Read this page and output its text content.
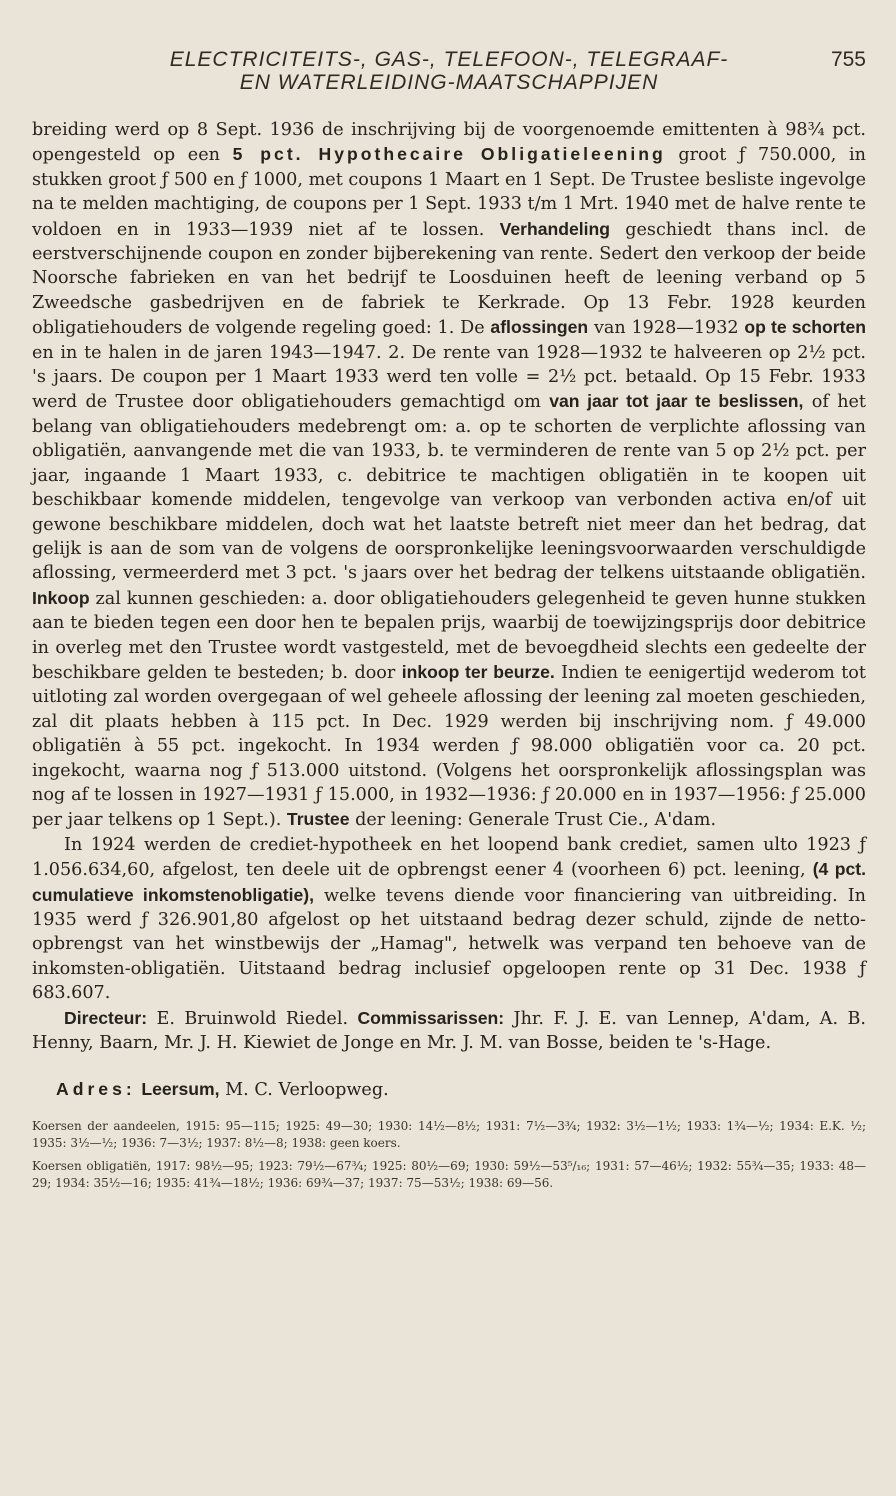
ELECTRICITEITS-, GAS-, TELEFOON-, TELEGRAAF-
EN WATERLEIDING-MAATSCHAPPIJEN
755

breiding werd op 8 Sept. 1936 de inschrijving bij de voorgenoemde emittenten à 98¾ pct. opengesteld op een 5 pct. Hypothecaire Obligatieleening groot ƒ 750.000, in stukken groot ƒ 500 en ƒ 1000, met coupons 1 Maart en 1 Sept. De Trustee besliste ingevolge na te melden machtiging, de coupons per 1 Sept. 1933 t/m 1 Mrt. 1940 met de halve rente te voldoen en in 1933—1939 niet af te lossen. Verhandeling geschiedt thans incl. de eerstverschijnende coupon en zonder bijberekening van rente. Sedert den verkoop der beide Noorsche fabrieken en van het bedrijf te Loosduinen heeft de leening verband op 5 Zweedsche gasbedrijven en de fabriek te Kerkrade. Op 13 Febr. 1928 keurden obligatiehouders de volgende regeling goed: 1. De aflossingen van 1928—1932 op te schorten en in te halen in de jaren 1943—1947. 2. De rente van 1928—1932 te halveeren op 2½ pct. 's jaars. De coupon per 1 Maart 1933 werd ten volle = 2½ pct. betaald. Op 15 Febr. 1933 werd de Trustee door obligatiehouders gemachtigd om van jaar tot jaar te beslissen, of het belang van obligatiehouders medebrengt om: a. op te schorten de verplichte aflossing van obligatiën, aanvangende met die van 1933, b. te verminderen de rente van 5 op 2½ pct. per jaar, ingaande 1 Maart 1933, c. debitrice te machtigen obligatiën in te koopen uit beschikbaar komende middelen, tengevolge van verkoop van verbonden activa en/of uit gewone beschikbare middelen, doch wat het laatste betreft niet meer dan het bedrag, dat gelijk is aan de som van de volgens de oorspronkelijke leeningsvoorwaarden verschuldigde aflossing, vermeerderd met 3 pct. 's jaars over het bedrag der telkens uitstaande obligatiën. Inkoop zal kunnen geschieden: a. door obligatiehouders gelegenheid te geven hunne stukken aan te bieden tegen een door hen te bepalen prijs, waarbij de toewijzingsprijs door debitrice in overleg met den Trustee wordt vastgesteld, met de bevoegdheid slechts een gedeelte der beschikbare gelden te besteden; b. door inkoop ter beurze. Indien te eenigertijd wederom tot uitloting zal worden overgegaan of wel geheele aflossing der leening zal moeten geschieden, zal dit plaats hebben à 115 pct. In Dec. 1929 werden bij inschrijving nom. ƒ 49.000 obligatiën à 55 pct. ingekocht. In 1934 werden ƒ 98.000 obligatiën voor ca. 20 pct. ingekocht, waarna nog ƒ 513.000 uitstond. (Volgens het oorspronkelijk aflossingsplan was nog af te lossen in 1927—1931 ƒ 15.000, in 1932—1936: ƒ 20.000 en in 1937—1956: ƒ 25.000 per jaar telkens op 1 Sept.). Trustee der leening: Generale Trust Cie., A'dam.

In 1924 werden de crediet-hypotheek en het loopend bank crediet, samen ulto 1923 ƒ 1.056.634,60, afgelost, ten deele uit de opbrengst eener 4 (voorheen 6) pct. leening, (4 pct. cumulatieve inkomstenobligatie), welke tevens diende voor financiering van uitbreiding. In 1935 werd ƒ 326.901,80 afgelost op het uitstaand bedrag dezer schuld, zijnde de netto-opbrengst van het winstbewijs der „Hamag", hetwelk was verpand ten behoeve van de inkomsten-obligatiën. Uitstaand bedrag inclusief opgeloopen rente op 31 Dec. 1938 ƒ 683.607.

Directeur: E. Bruinwold Riedel. Commissarissen: Jhr. F. J. E. van Lennep, A'dam, A. B. Henny, Baarn, Mr. J. H. Kiewiet de Jonge en Mr. J. M. van Bosse, beiden te 's-Hage.

Adres: Leersum, M. C. Verloopweg.

Koersen der aandeelen, 1915: 95—115; 1925: 49—30; 1930: 14½—8½; 1931: 7½—3¾; 1932: 3½—1½; 1933: 1¾—½; 1934: E.K. ½; 1935: 3½—½; 1936: 7—3½; 1937: 8½—8; 1938: geen koers.

Koersen obligatiën, 1917: 98½—95; 1923: 79½—67¾; 1925: 80½—69; 1930: 59½—53⁵/₁₆; 1931: 57—46½; 1932: 55¾—35; 1933: 48—29; 1934: 35½—16; 1935: 41¾—18½; 1936: 69¾—37; 1937: 75—53½; 1938: 69—56.
